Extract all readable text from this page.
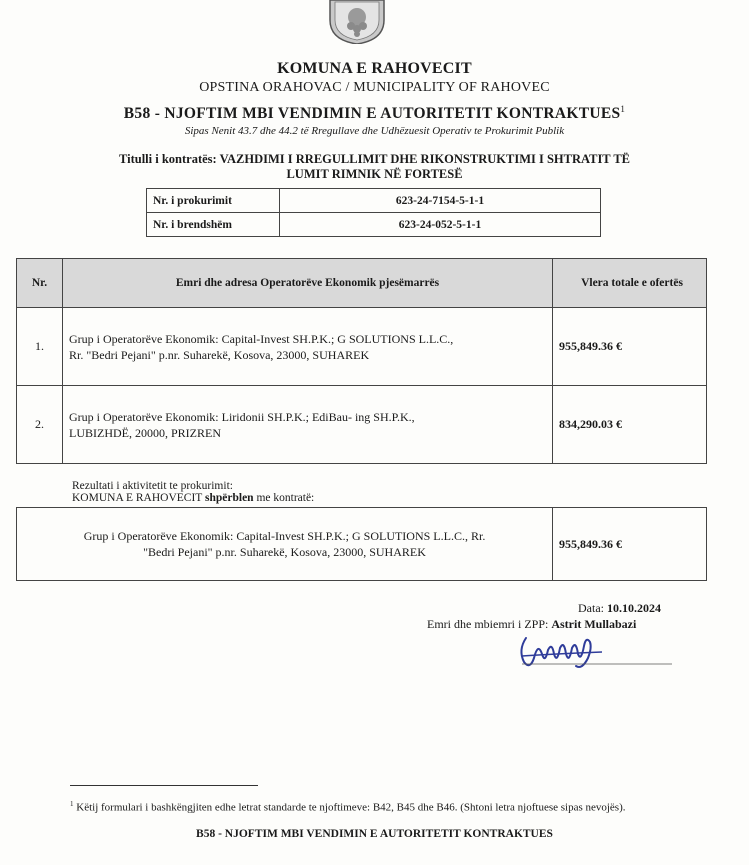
KOMUNA E RAHOVECIT
OPSTINA ORAHOVAC / MUNICIPALITY OF RAHOVEC
B58 - NJOFTIM MBI VENDIMIN E AUTORITETIT KONTRAKTUES$^1$
Sipas Nenit 43.7 dhe 44.2 të Rregullave dhe Udhëzuesit Operativ te Prokurimit Publik
Titulli i kontratës: VAZHDIMI I RREGULLIMIT DHE RIKONSTRUKTIMI I SHTRATIT TË
LUMIT RIMNIK NË FORTESË
Nr. i prokurimit	623-24-7154-5-1-1
Nr. i brendshëm	623-24-052-5-1-1
Nr.	Emri dhe adresa Operatorëve Ekonomik pjesëmarrës	Vlera totale e ofertës
1.	Grup i Operatorëve Ekonomik: Capital-Invest SH.P.K.; G SOLUTIONS L.L.C.,
Rr. "Bedri Pejani" p.nr. Suharekë, Kosova, 23000, SUHAREK	955,849.36 €
2.	Grup i Operatorëve Ekonomik: Liridonii SH.P.K.; EdiBau- ing SH.P.K.,
LUBIZHDË, 20000, PRIZREN	834,290.03 €
Rezultati i aktivitetit te prokurimit:
KOMUNA E RAHOVECIT shpërblen me kontratë:
Grup i Operatorëve Ekonomik: Capital-Invest SH.P.K.; G SOLUTIONS L.L.C., Rr.
"Bedri Pejani" p.nr. Suharekë, Kosova, 23000, SUHAREK
	955,849.36 €
Data: 10.10.2024
Emri dhe mbiemri i ZPP: Astrit Mullabazi
$^1$ Këtij formulari i bashkëngjiten edhe letrat standarde te njoftimeve: B42, B45 dhe B46. (Shtoni letra njoftuese sipas nevojës).
B58 - NJOFTIM MBI VENDIMIN E AUTORITETIT KONTRAKTUES
